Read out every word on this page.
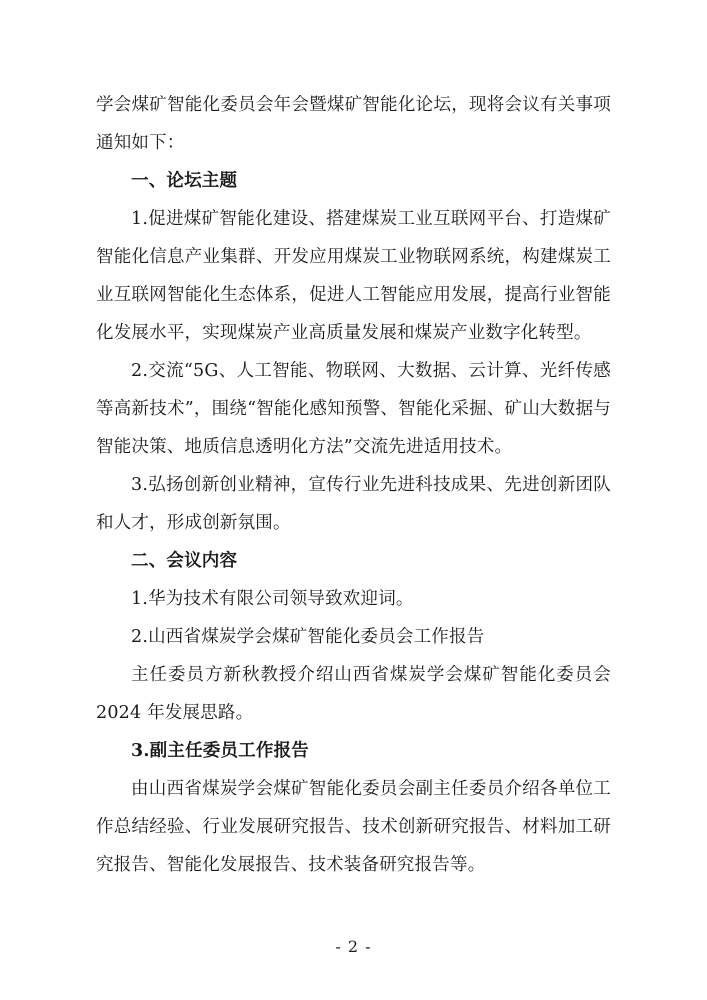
学会煤矿智能化委员会年会暨煤矿智能化论坛，现将会议有关事项通知如下：

一、论坛主题

1.促进煤矿智能化建设、搭建煤炭工业互联网平台、打造煤矿智能化信息产业集群、开发应用煤炭工业物联网系统，构建煤炭工业互联网智能化生态体系，促进人工智能应用发展，提高行业智能化发展水平，实现煤炭产业高质量发展和煤炭产业数字化转型。

2.交流“5G、人工智能、物联网、大数据、云计算、光纤传感等高新技术”，围绕“智能化感知预警、智能化采掘、矿山大数据与智能决策、地质信息透明化方法”交流先进适用技术。

3.弘扬创新创业精神，宣传行业先进科技成果、先进创新团队和人才，形成创新氛围。

二、会议内容

1.华为技术有限公司领导致欢迎词。

2.山西省煤炭学会煤矿智能化委员会工作报告

主任委员方新秋教授介绍山西省煤炭学会煤矿智能化委员会 2024 年发展思路。

3.副主任委员工作报告

由山西省煤炭学会煤矿智能化委员会副主任委员介绍各单位工作总结经验、行业发展研究报告、技术创新研究报告、材料加工研究报告、智能化发展报告、技术装备研究报告等。

- 2 -
